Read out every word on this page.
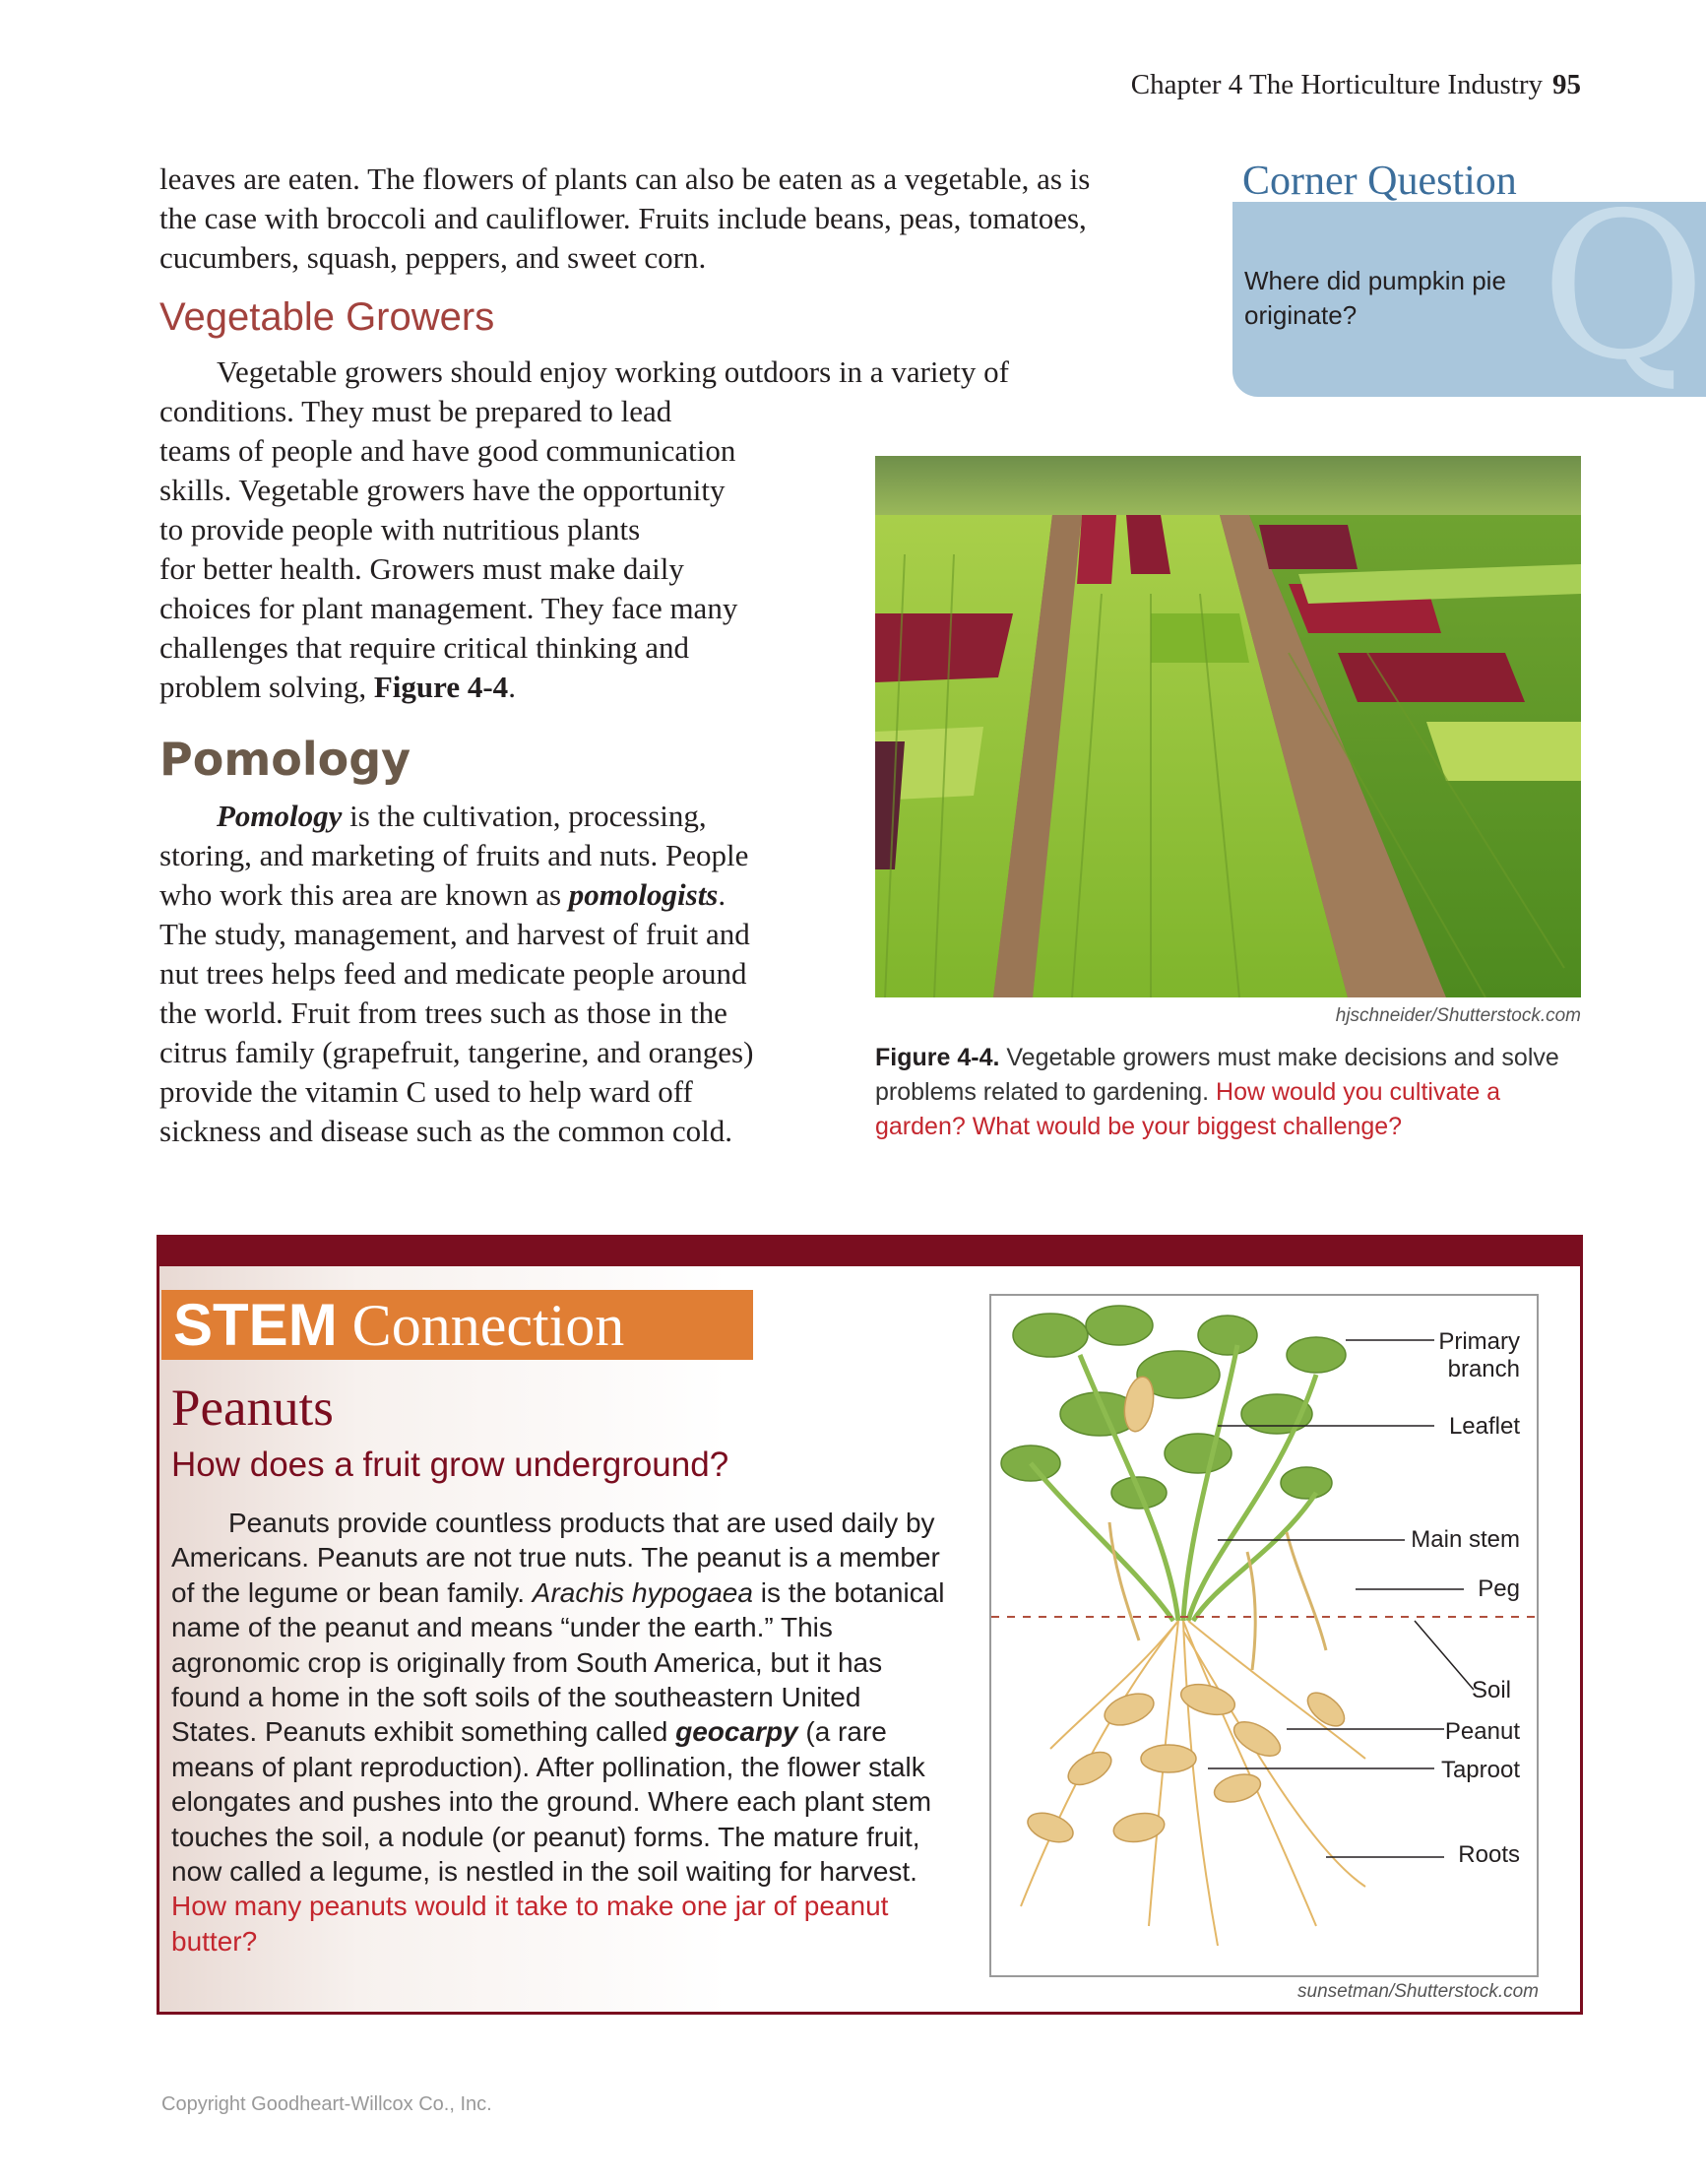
Chapter 4 The Horticulture Industry 95

leaves are eaten. The flowers of plants can also be eaten as a vegetable, as is

the case with broccoli and cauliflower. Fruits include beans, peas, tomatoes,

cucumbers, squash, peppers, and sweet corn.

Vegetable Growers

Vegetable growers should enjoy working outdoors in a variety of

conditions. They must be prepared to lead

teams of people and have good communication

skills. Vegetable growers have the opportunity

to provide people with nutritious plants

for better health. Growers must make daily

choices for plant management. They face many

challenges that require critical thinking and

problem solving, Figure 4-4.

Pomology

Pomology is the cultivation, processing,

storing, and marketing of fruits and nuts. People

who work this area are known as pomologists.

The study, management, and harvest of fruit and

nut trees helps feed and medicate people around

the world. Fruit from trees such as those in the

citrus family (grapefruit, tangerine, and oranges)

provide the vitamin C used to help ward off

sickness and disease such as the common cold.

Q
Corner Question
Where did pumpkin pie originate?
hjschneider/Shutterstock.com
Figure 4-4. Vegetable growers must make decisions and solve problems related to gardening. How would you cultivate a garden? What would be your biggest challenge?
STEM Connection
Peanuts
How does a fruit grow underground?

Peanuts provide countless products that are used daily by Americans. Peanuts are not true nuts. The peanut is a member of the legume or bean family. Arachis hypogaea is the botanical name of the peanut and means “under the earth.” This agronomic crop is originally from South America, but it has found a home in the soft soils of the southeastern United States. Peanuts exhibit something called geocarpy (a rare means of plant reproduction). After pollination, the flower stalk elongates and pushes into the ground. Where each plant stem touches the soil, a nodule (or peanut) forms. The mature fruit, now called a legume, is nestled in the soil waiting for harvest. How many peanuts would it take to make one jar of peanut butter?

Primary
branch
Leaflet
Main stem
Peg
Soil
Peanut
Taproot
Roots
sunsetman/Shutterstock.com
Copyright Goodheart-Willcox Co., Inc.
